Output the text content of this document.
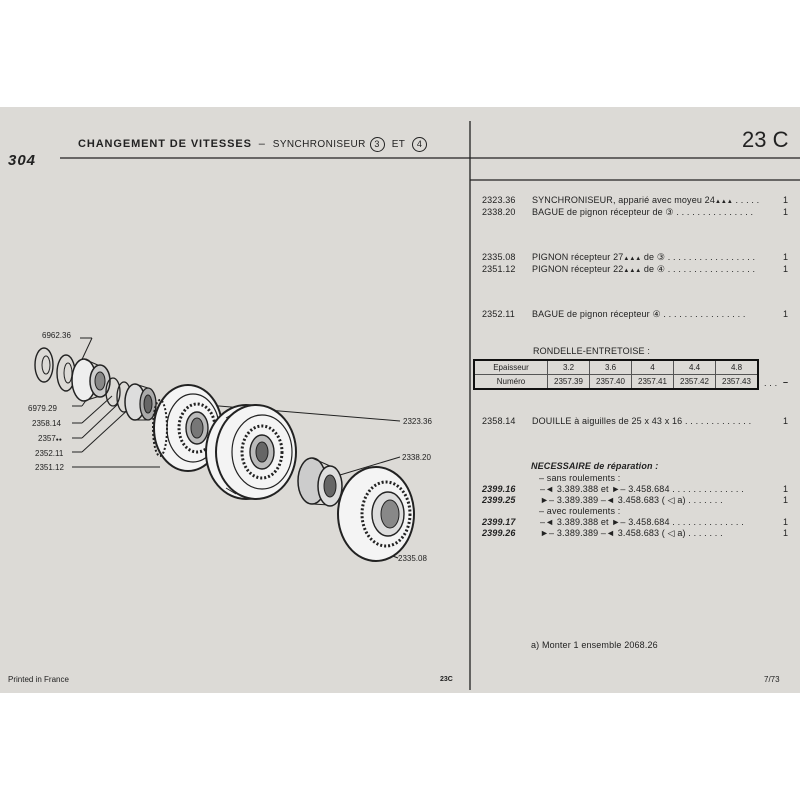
CHANGEMENT DE VITESSES – SYNCHRONISEUR 3 ET 4	23 C
304
6962.36
6979.29
2358.14
2357●●
2352.11
2351.12
2323.36
2338.20
2335.08
2323.36 SYNCHRONISEUR, apparié avec moyeu 24▲▲▲ . . . . .	1
2338.20 BAGUE de pignon récepteur de ③ . . . . . . . . . . . . . . .	1
2335.08 PIGNON récepteur 27▲▲▲ de ③ . . . . . . . . . . . . . . . . .	1
2351.12 PIGNON récepteur 22▲▲▲ de ④ . . . . . . . . . . . . . . . . .	1
2352.11 BAGUE de pignon récepteur ④ . . . . . . . . . . . . . . . .	1
RONDELLE-ENTRETOISE :
Epaisseur	3.2	3.6	4	4.4	4.8
Numéro	2357.39	2357.40	2357.41	2357.42	2357.43 . . . –
2358.14 DOUILLE à aiguilles de 25 x 43 x 16 . . . . . . . . . . . . .	1
NECESSAIRE de réparation :
– sans roulements :
2399.16	–◄ 3.389.388 et ►– 3.458.684 . . . . . . . . . . . . . .	1
2399.25	►– 3.389.389 –◄ 3.458.683 ( ◁ a) . . . . . . .	1
– avec roulements :
2399.17	–◄ 3.389.388 et ►– 3.458.684 . . . . . . . . . . . . . .	1
2399.26	►– 3.389.389 –◄ 3.458.683 ( ◁ a) . . . . . . .	1
a) Monter 1 ensemble 2068.26
Printed in France	23C	7/73
